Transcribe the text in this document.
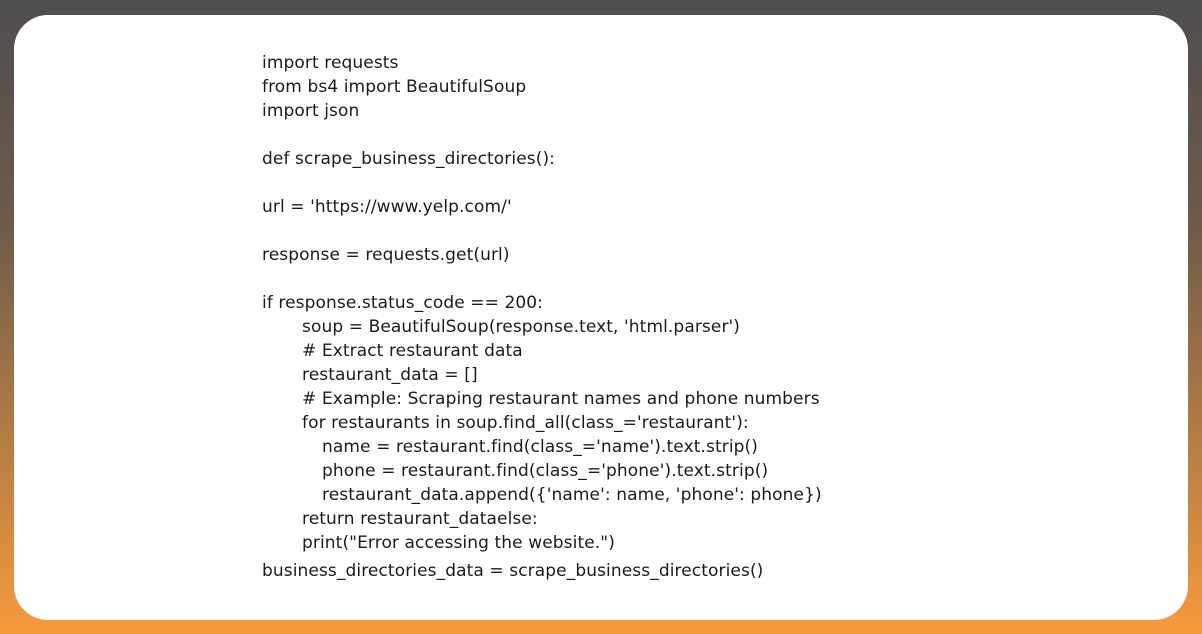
import requests
from bs4 import BeautifulSoup
import json
def scrape_business_directories():
url = 'https://www.yelp.com/'
response = requests.get(url)
if response.status_code == 200:
soup = BeautifulSoup(response.text, 'html.parser')
# Extract restaurant data
restaurant_data = []
# Example: Scraping restaurant names and phone numbers
for restaurants in soup.find_all(class_='restaurant'):
name = restaurant.find(class_='name').text.strip()
phone = restaurant.find(class_='phone').text.strip()
restaurant_data.append({'name': name, 'phone': phone})
return restaurant_dataelse:
print("Error accessing the website.")
business_directories_data = scrape_business_directories()
